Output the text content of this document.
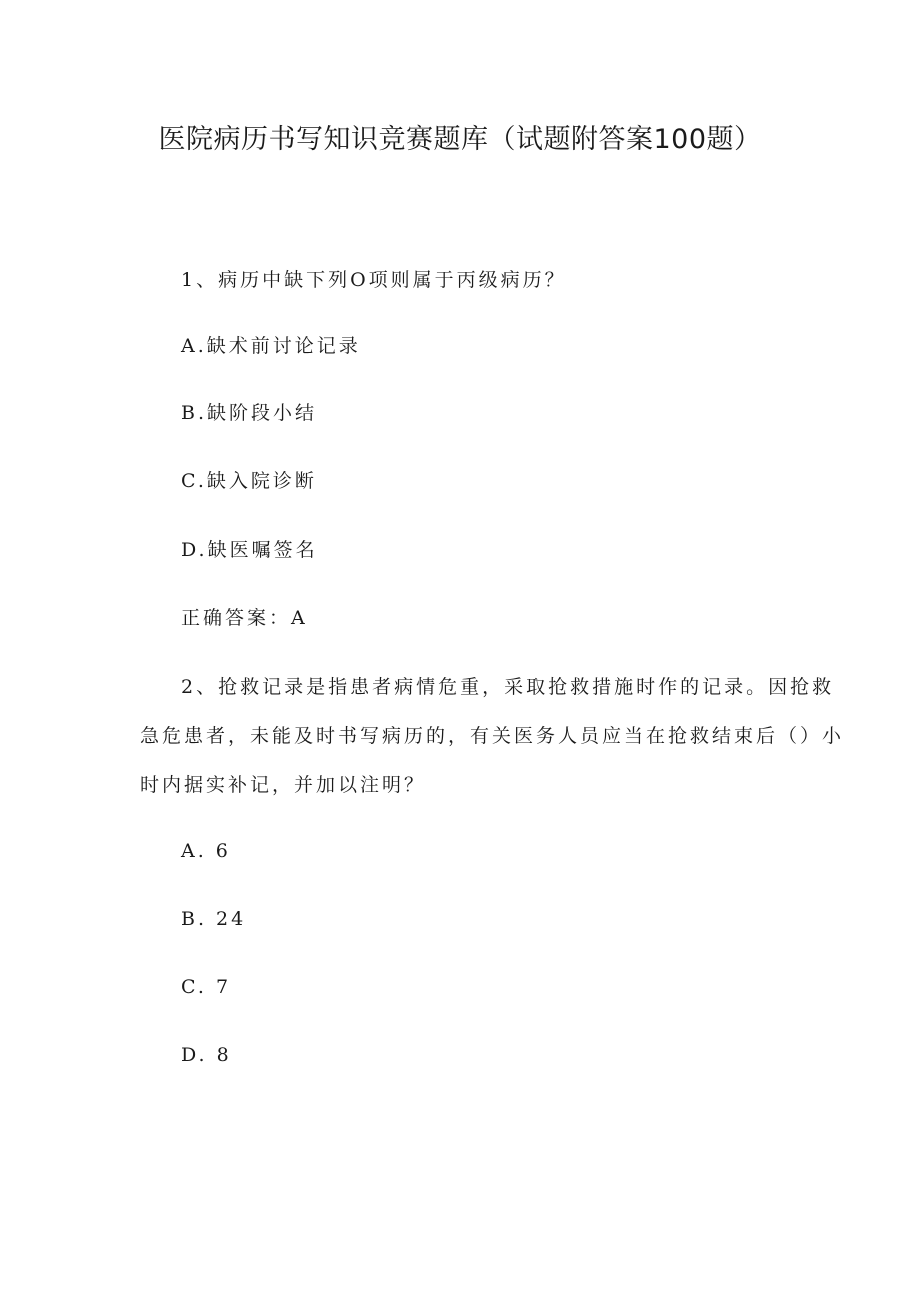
医院病历书写知识竞赛题库（试题附答案100题）
1、病历中缺下列O项则属于丙级病历？
A.缺术前讨论记录
B.缺阶段小结
C.缺入院诊断
D.缺医嘱签名
正确答案：A
2、抢救记录是指患者病情危重，采取抢救措施时作的记录。因抢救
急危患者，未能及时书写病历的，有关医务人员应当在抢救结束后（）小
时内据实补记，并加以注明？
A. 6
B. 24
C. 7
D. 8
